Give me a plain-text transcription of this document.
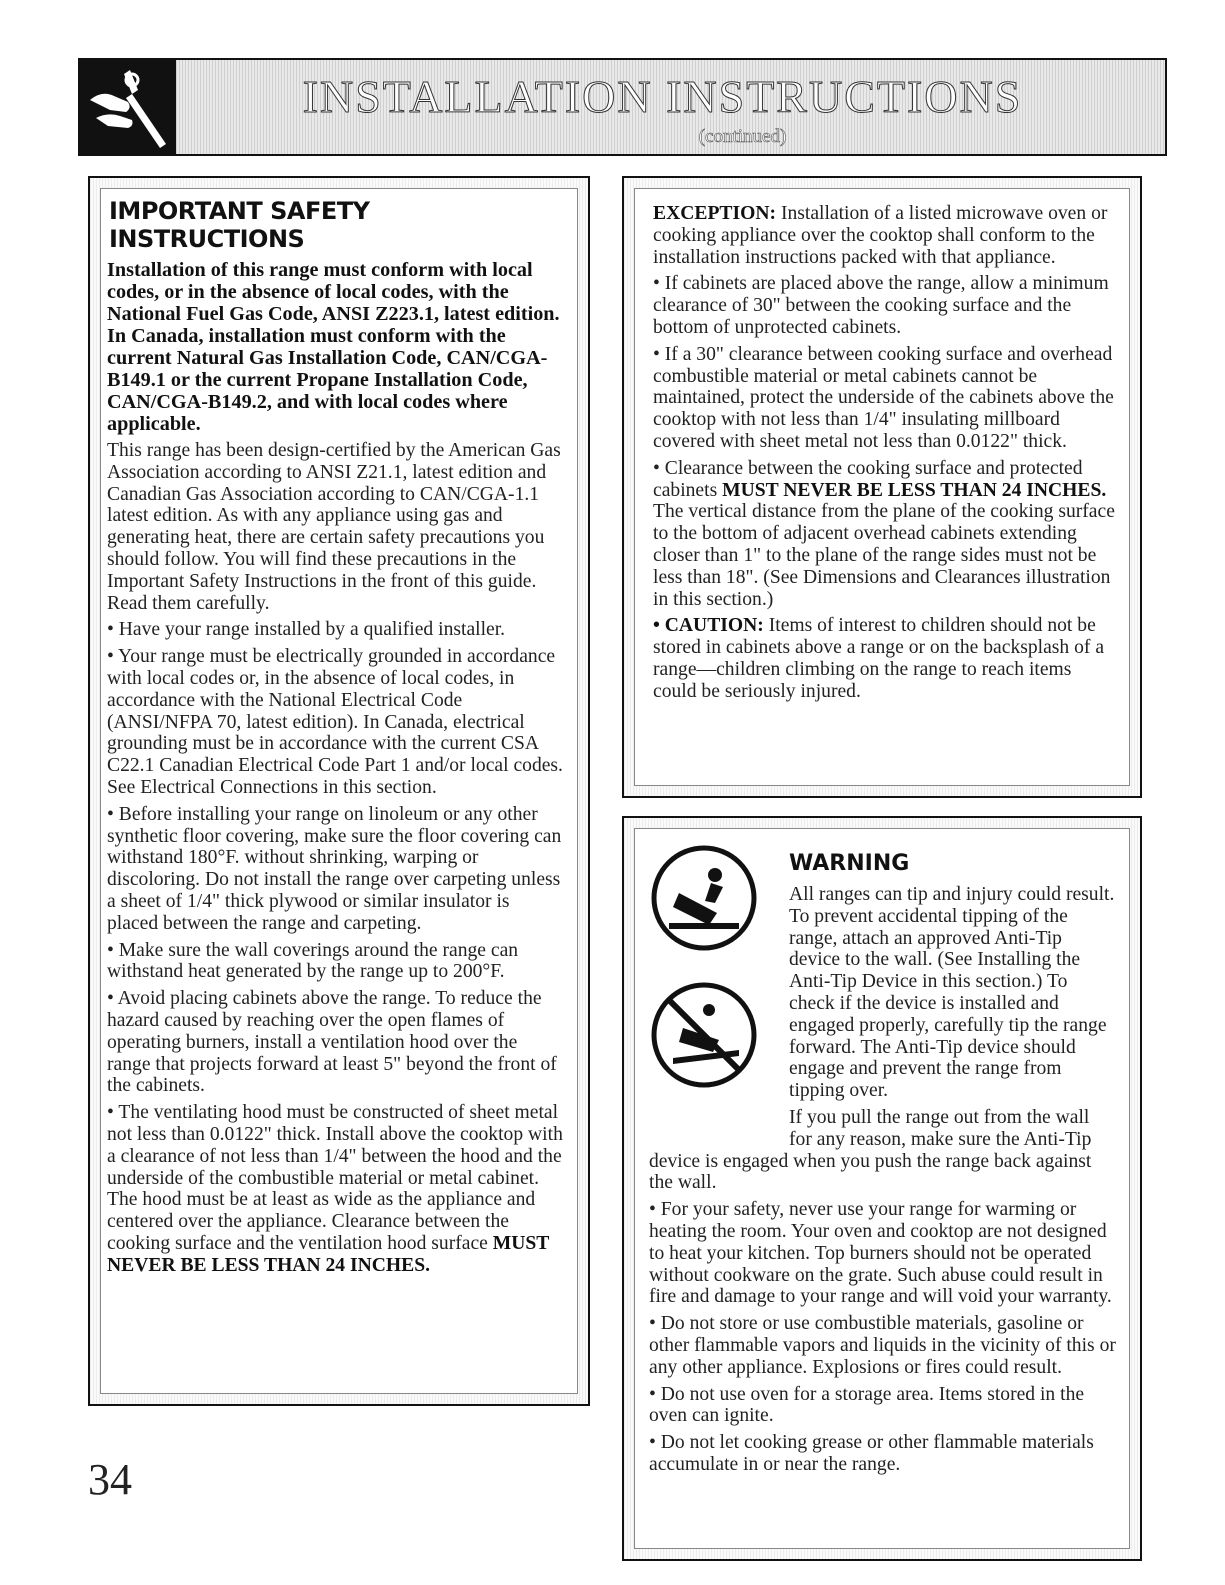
INSTALLATION INSTRUCTIONS
(continued)
IMPORTANT SAFETY INSTRUCTIONS

Installation of this range must conform with local codes, or in the absence of local codes, with the National Fuel Gas Code, ANSI Z223.1, latest edition. In Canada, installation must conform with the current Natural Gas Installation Code, CAN/CGA-B149.1 or the current Propane Installation Code, CAN/CGA-B149.2, and with local codes where applicable.

This range has been design-certified by the American Gas Association according to ANSI Z21.1, latest edition and Canadian Gas Association according to CAN/CGA-1.1 latest edition. As with any appliance using gas and generating heat, there are certain safety precautions you should follow. You will find these precautions in the Important Safety Instructions in the front of this guide. Read them carefully.

• Have your range installed by a qualified installer.

• Your range must be electrically grounded in accordance with local codes or, in the absence of local codes, in accordance with the National Electrical Code (ANSI/NFPA 70, latest edition). In Canada, electrical grounding must be in accordance with the current CSA C22.1 Canadian Electrical Code Part 1 and/or local codes. See Electrical Connections in this section.

• Before installing your range on linoleum or any other synthetic floor covering, make sure the floor covering can withstand 180°F. without shrinking, warping or discoloring. Do not install the range over carpeting unless a sheet of 1/4" thick plywood or similar insulator is placed between the range and carpeting.

• Make sure the wall coverings around the range can withstand heat generated by the range up to 200°F.

• Avoid placing cabinets above the range. To reduce the hazard caused by reaching over the open flames of operating burners, install a ventilation hood over the range that projects forward at least 5" beyond the front of the cabinets.

• The ventilating hood must be constructed of sheet metal not less than 0.0122" thick. Install above the cooktop with a clearance of not less than 1/4" between the hood and the underside of the combustible material or metal cabinet. The hood must be at least as wide as the appliance and centered over the appliance. Clearance between the cooking surface and the ventilation hood surface MUST NEVER BE LESS THAN 24 INCHES.

EXCEPTION: Installation of a listed microwave oven or cooking appliance over the cooktop shall conform to the installation instructions packed with that appliance.

• If cabinets are placed above the range, allow a minimum clearance of 30" between the cooking surface and the bottom of unprotected cabinets.

• If a 30" clearance between cooking surface and overhead combustible material or metal cabinets cannot be maintained, protect the underside of the cabinets above the cooktop with not less than 1/4" insulating millboard covered with sheet metal not less than 0.0122" thick.

• Clearance between the cooking surface and protected cabinets MUST NEVER BE LESS THAN 24 INCHES. The vertical distance from the plane of the cooking surface to the bottom of adjacent overhead cabinets extending closer than 1" to the plane of the range sides must not be less than 18". (See Dimensions and Clearances illustration in this section.)

• CAUTION: Items of interest to children should not be stored in cabinets above a range or on the backsplash of a range—children climbing on the range to reach items could be seriously injured.

WARNING

All ranges can tip and injury could result. To prevent accidental tipping of the range, attach an approved Anti-Tip device to the wall. (See Installing the Anti-Tip Device in this section.) To check if the device is installed and engaged properly, carefully tip the range forward. The Anti-Tip device should engage and prevent the range from tipping over.

If you pull the range out from the wall for any reason, make sure the Anti-Tip device is engaged when you push the range back against the wall.

• For your safety, never use your range for warming or heating the room. Your oven and cooktop are not designed to heat your kitchen. Top burners should not be operated without cookware on the grate. Such abuse could result in fire and damage to your range and will void your warranty.

• Do not store or use combustible materials, gasoline or other flammable vapors and liquids in the vicinity of this or any other appliance. Explosions or fires could result.

• Do not use oven for a storage area. Items stored in the oven can ignite.

• Do not let cooking grease or other flammable materials accumulate in or near the range.

34
